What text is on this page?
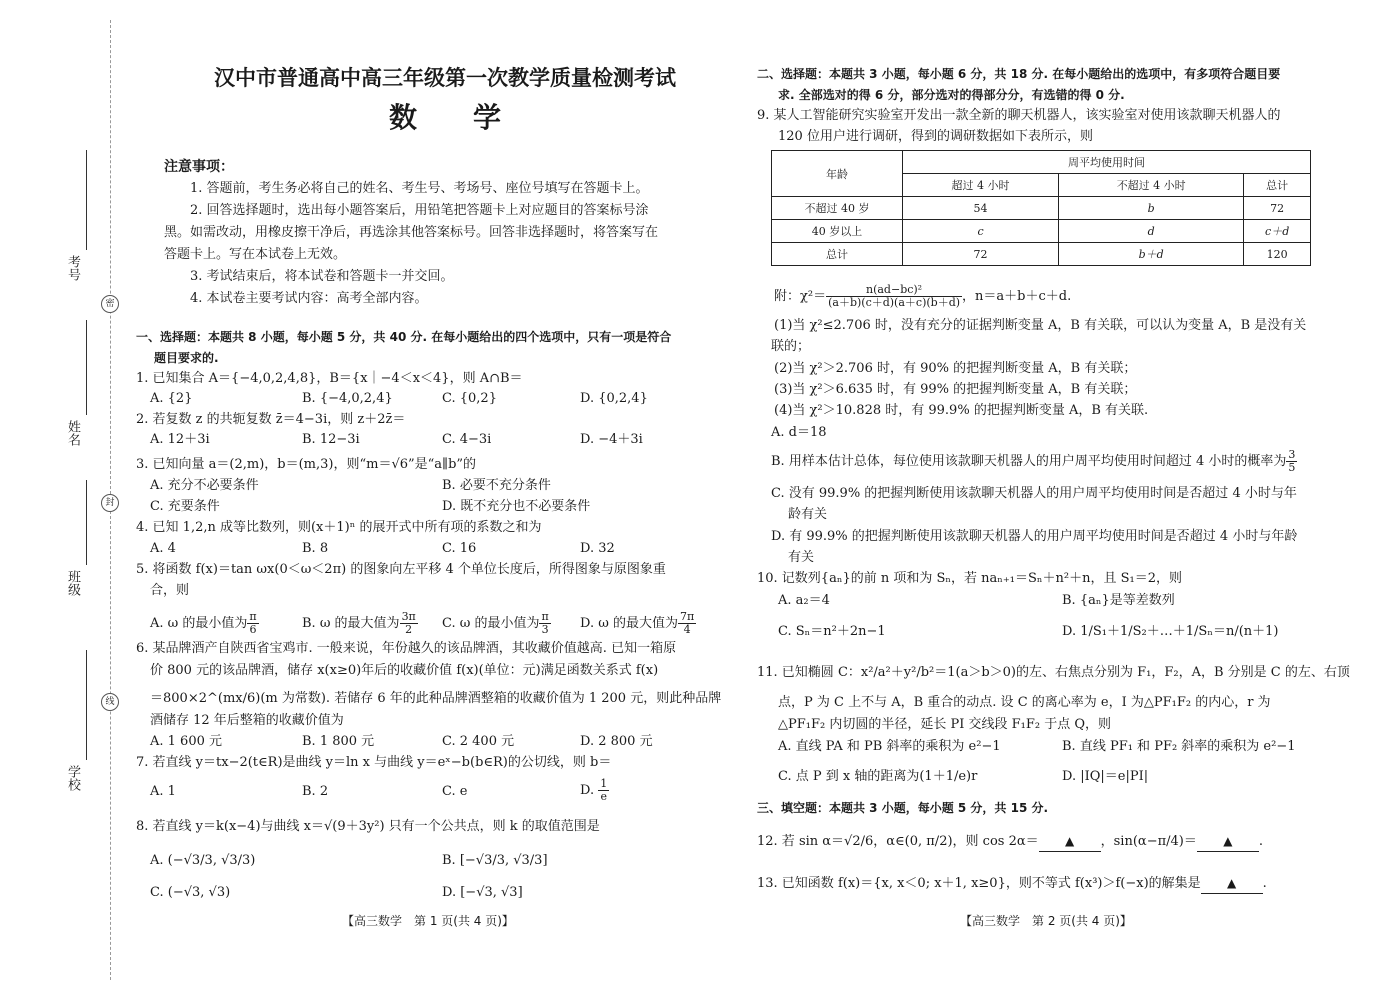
考号
姓名
班级
学校
密
封
线
汉中市普通高中高三年级第一次教学质量检测考试
数　　学
注意事项：
1. 答题前，考生务必将自己的姓名、考生号、考场号、座位号填写在答题卡上。
2. 回答选择题时，选出每小题答案后，用铅笔把答题卡上对应题目的答案标号涂
黑。如需改动，用橡皮擦干净后，再选涂其他答案标号。回答非选择题时，将答案写在
答题卡上。写在本试卷上无效。
3. 考试结束后，将本试卷和答题卡一并交回。
4. 本试卷主要考试内容：高考全部内容。
一、选择题：本题共 8 小题，每小题 5 分，共 40 分. 在每小题给出的四个选项中，只有一项是符合
题目要求的.
1. 已知集合 A＝{−4,0,2,4,8}，B＝{x｜−4＜x＜4}，则 A∩B＝
A. {2}	B. {−4,0,2,4}	C. {0,2}	D. {0,2,4}
2. 若复数 z 的共轭复数 z̄＝4−3i，则 z＋2z̄＝
A. 12＋3i	B. 12−3i	C. 4−3i	D. −4＋3i
3. 已知向量 a＝(2,m)，b＝(m,3)，则“m＝√6”是“a∥b”的
A. 充分不必要条件	B. 必要不充分条件
C. 充要条件	D. 既不充分也不必要条件
4. 已知 1,2,n 成等比数列，则(x＋1)ⁿ 的展开式中所有项的系数之和为
A. 4	B. 8	C. 16	D. 32
5. 将函数 f(x)＝tan ωx(0＜ω＜2π) 的图象向左平移 4 个单位长度后，所得图象与原图象重
合，则
A. ω 的最小值为 $\frac{\pi}{6}$	B. ω 的最大值为 $\frac{3\pi}{2} C$. ω 的最小值为 $\frac{\pi}{3} D$. ω 的最大值为 $\frac{7\pi}{4}$
6. 某品牌酒产自陕西省宝鸡市. 一般来说，年份越久的该品牌酒，其收藏价值越高. 已知一箱原
价 800 元的该品牌酒，储存 x(x≥0)年后的收藏价值 f(x)(单位：元)满足函数关系式 f(x)
＝800×2^(mx/6)(m 为常数). 若储存 6 年的此种品牌酒整箱的收藏价值为 1 200 元，则此种品牌
酒储存 12 年后整箱的收藏价值为
A. 1 600 元	B. 1 800 元	C. 2 400 元	D. 2 800 元
7. 若直线 y＝tx−2(t∈R)是曲线 y＝ln x 与曲线 y＝eˣ−b(b∈R)的公切线，则 b＝
A. 1	B. 2	C. e	D. $\frac{1}{e}$
8. 若直线 y＝k(x−4)与曲线 x＝√(9＋3y²) 只有一个公共点，则 k 的取值范围是
A. (−√3/3, √3/3)	B. [−√3/3, √3/3]
C. (−√3, √3)	D. [−√3, √3]
【高三数学　第 1 页(共 4 页)】
二、选择题：本题共 3 小题，每小题 6 分，共 18 分. 在每小题给出的选项中，有多项符合题目要
求. 全部选对的得 6 分，部分选对的得部分分，有选错的得 0 分.
9. 某人工智能研究实验室开发出一款全新的聊天机器人，该实验室对使用该款聊天机器人的
120 位用户进行调研，得到的调研数据如下表所示，则
年龄	周平均使用时间		
	超过 4 小时	不超过 4 小时	总计
不超过 40 岁	54	b	72
40 岁以上	c	d	c＋d
总计	72	b＋d	120
附：$\chi^2= \frac{\text{n(ad−bc)²}}{(a+b)(c+d)(a+c)(b+d)}$ ，n＝a＋b＋c＋d.
(1)当 χ²≤2.706 时，没有充分的证据判断变量 A，B 有关联，可以认为变量 A，B 是没有关
联的；
(2)当 χ²＞2.706 时，有 90% 的把握判断变量 A，B 有关联；
(3)当 χ²＞6.635 时，有 99% 的把握判断变量 A，B 有关联；
(4)当 χ²＞10.828 时，有 99.9% 的把握判断变量 A，B 有关联.
A. d＝18
B. 用样本估计总体，每位使用该款聊天机器人的用户周平均使用时间超过 4 小时的概率为 $\frac{3}{5}$
C. 没有 99.9% 的把握判断使用该款聊天机器人的用户周平均使用时间是否超过 4 小时与年
龄有关
D. 有 99.9% 的把握判断使用该款聊天机器人的用户周平均使用时间是否超过 4 小时与年龄
有关
10. 记数列{aₙ}的前 n 项和为 Sₙ，若 naₙ₊₁＝Sₙ＋n²＋n，且 S₁＝2，则
A. a₂＝4	B. {aₙ}是等差数列
C. Sₙ＝n²＋2n−1	D. 1/S₁＋1/S₂＋…＋1/Sₙ＝n/(n＋1)
11. 已知椭圆 C：x²/a²＋y²/b²＝1(a＞b＞0)的左、右焦点分别为 F₁，F₂，A，B 分别是 C 的左、右顶
点，P 为 C 上不与 A，B 重合的动点. 设 C 的离心率为 e，I 为△PF₁F₂ 的内心，r 为
△PF₁F₂ 内切圆的半径，延长 PI 交线段 F₁F₂ 于点 Q，则
A. 直线 PA 和 PB 斜率的乘积为 e²−1	B. 直线 PF₁ 和 PF₂ 斜率的乘积为 e²−1
C. 点 P 到 x 轴的距离为(1＋1/e)r	D. |IQ|＝e|PI|
三、填空题：本题共 3 小题，每小题 5 分，共 15 分.
12. 若 sin α＝√2/6，α∈(0, π/2)，则 cos 2α＝ ▲ ，sin(α−π/4)＝ ▲ .
13. 已知函数 f(x)＝{x, x＜0; x＋1, x≥0}，则不等式 f(x³)＞f(−x)的解集是 ▲ .
【高三数学　第 2 页(共 4 页)】
